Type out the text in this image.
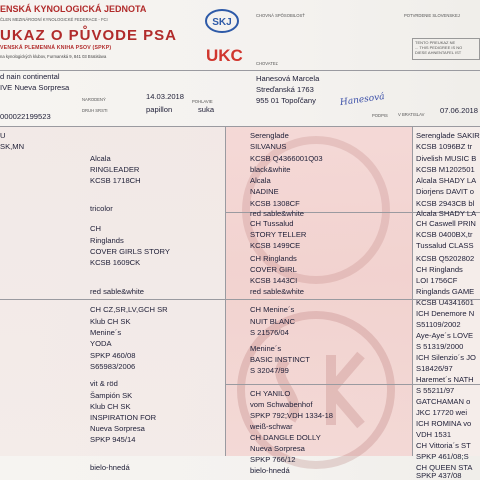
ENSKÁ KYNOLOGICKÁ JEDNOTA
ČLEN MEZINÁRODNÍ KYNOLOGICKÉ FEDERACE - FCI
UKAZ O PŮVODE PSA
VENSKÁ PLEMENNÁ KNIHA PSOV (SPKP)
na kynologických klubov, Furmanská 9, 841 03 Bratislava
SKJ
UKC
CHOVNÁ SPÔSOBILOSŤ
CHOVATEĽ
POTVRDENIE SLOVENSKEJ
TENTO PREUKAZ NE
... THIS PEDIGREE IS NO
DIESE AHNENTAFEL IST
d nain continental
IVE Nueva Sorpresa
NARODENÝ	14.03.2018
POHLAVIE
suka
papillon
DRUH SRSTI
000022199523
Hanesová Marcela
Streďanská 1763
955 01 Topoľčany	Hanesová
PODPIS V BRATISLAV 07.06.2018
U
SK,MN
Alcala
RINGLEADER
KCSB 1718CH
tricolor
CH
Ringlands
COVER GIRLS STORY
KCSB 1609CK
red sable&white
CH CZ,SR,LV,GCH SR
Klub CH SK
Menine´s
YODA
SPKP 460/08
S65983/2006
vit & röd
Šampión SK
Klub CH SK
INSPIRATION FOR
Nueva Sorpresa
SPKP 945/14
bielo-hnedá
Serenglade
SILVANUS
KCSB Q4366001Q03
black&white
Alcala
NADINE
KCSB 1308CF
red sable&white
CH Tussalud
STORY TELLER
KCSB 1499CE
CH Ringlands
COVER GIRL
KCSB 1443CI
red sable&white
CH Menine´s
NUIT BLANC
S 21576/04
Menine´s
BASIC INSTINCT
S 32047/99
CH YANILO
vom Schwabenhof
SPKP 792;VDH 1334-18
weiß-schwar
CH DANGLE DOLLY
Nueva Sorpresa
SPKP 766/12
bielo-hnedá
Serenglade SAKIR
KCSB 1096BZ tr
Divelish MUSIC B
KCSB M1202501
Alcala SHADY LA
Diorjens DAVIT o
KCSB 2943CB bl
Alcala SHADY LA
CH Caswell PRIN
KCSB 0400BX,tr
Tussalud CLASS
KCSB Q5202802
CH Ringlands
LOI 1756CF
Ringlands GAME
KCSB U4341601
ICH Denemore N
S51109/2002
Aye-Aye´s LOVE
S 51319/2000
ICH Silenzio´s JO
S18426/97
Haremet´s NATH
S 55211/97
GATCHAMAN o
JKC 17720 wei
ICH ROMINA vo
VDH 1531
CH Vittoria´s ST
SPKP 461/08;S
CH QUEEN STA
SPKP 437/08
